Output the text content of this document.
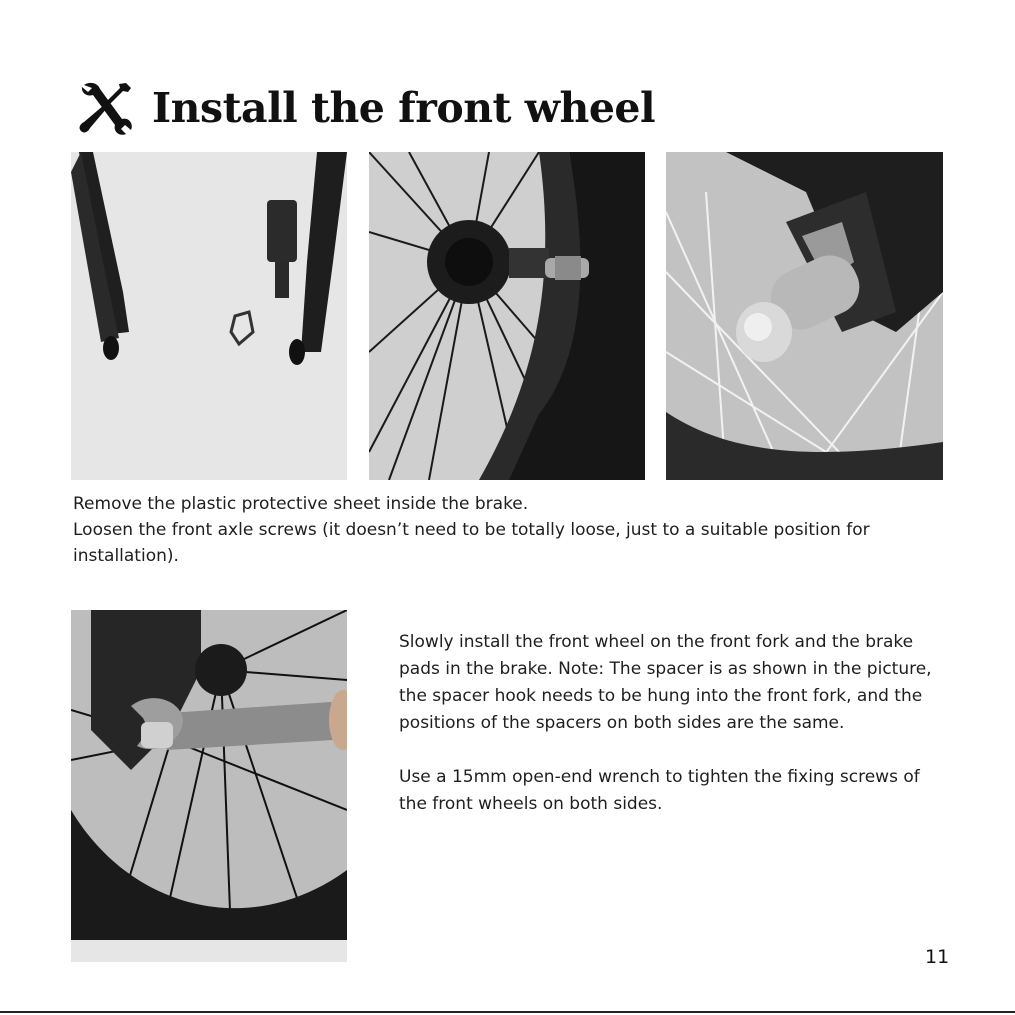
Install the front wheel

Remove the plastic protective sheet inside the brake.

Loosen the front axle screws (it doesn’t need to be totally loose, just to a suitable position for installation).

Slowly install the front wheel on the front fork and the brake pads in the brake. Note: The spacer is as shown in the picture, the spacer hook needs to be hung into the front fork, and the positions of the spacers on both sides are the same.

Use a 15mm open-end wrench to tighten the fixing screws of the front wheels on both sides.

11
